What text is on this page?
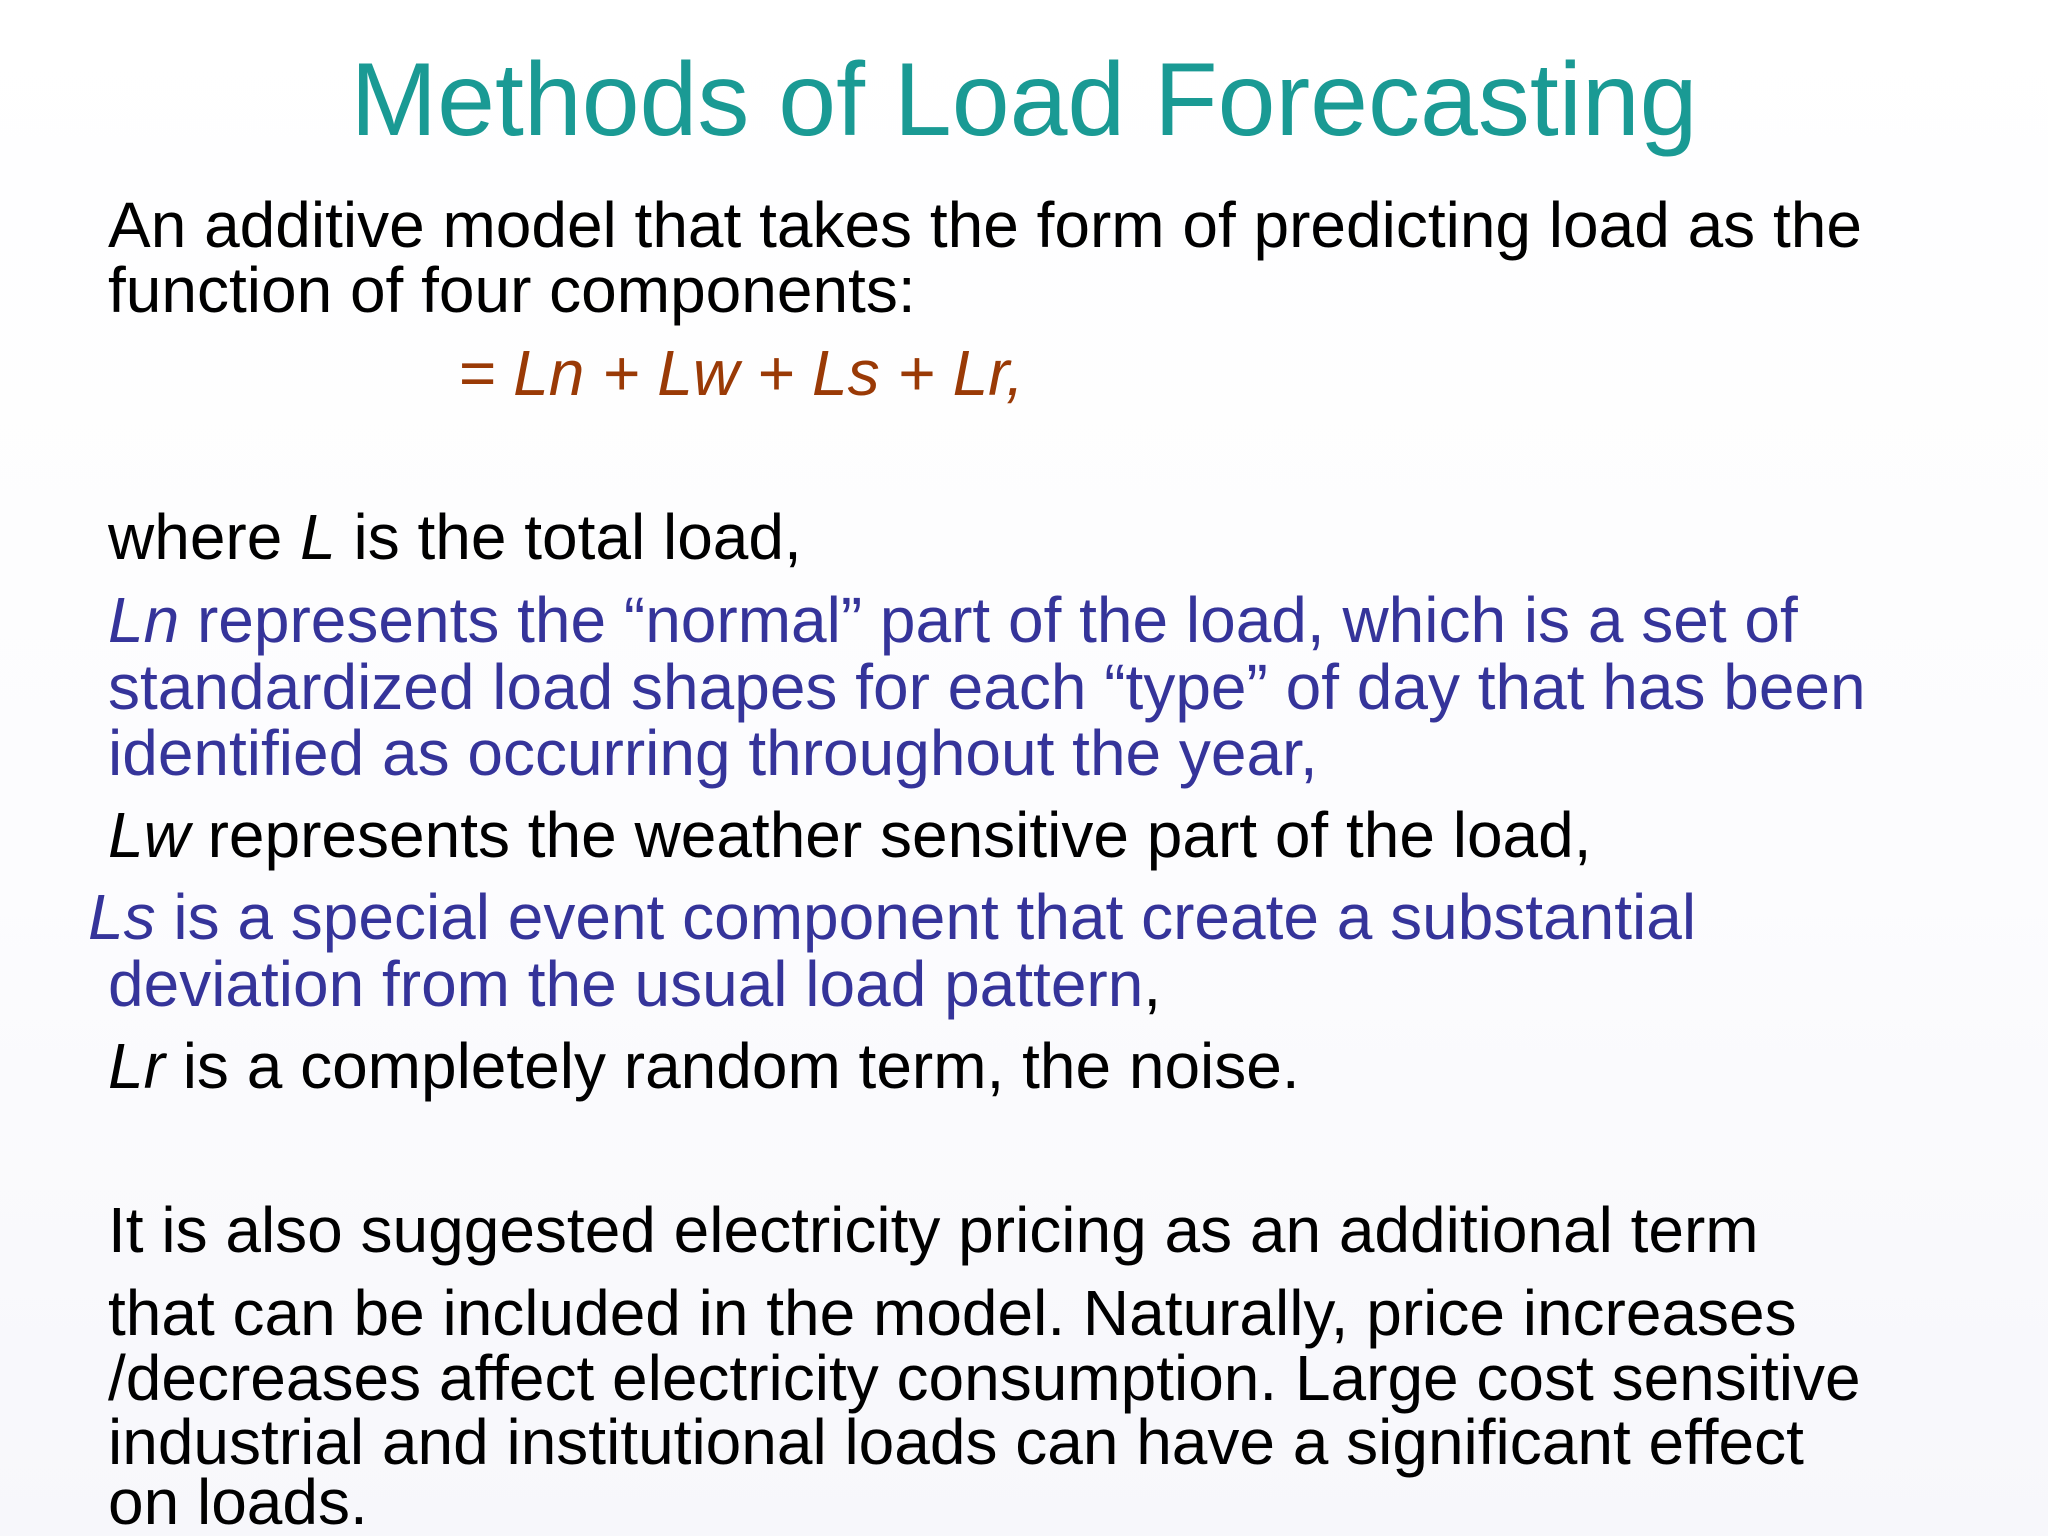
Methods of Load Forecasting
An additive model that takes the form of predicting load as the
function of four components:
= Ln + Lw + Ls + Lr,
where L is the total load,
Ln represents the “normal” part of the load, which is a set of
standardized load shapes for each “type” of day that has been
identified as occurring throughout the year,
Lw represents the weather sensitive part of the load,
Ls is a special event component that create a substantial
deviation from the usual load pattern,
Lr is a completely random term, the noise.
It is also suggested electricity pricing as an additional term
that can be included in the model. Naturally, price increases
/decreases affect electricity consumption. Large cost sensitive
industrial and institutional loads can have a significant effect
on loads.
